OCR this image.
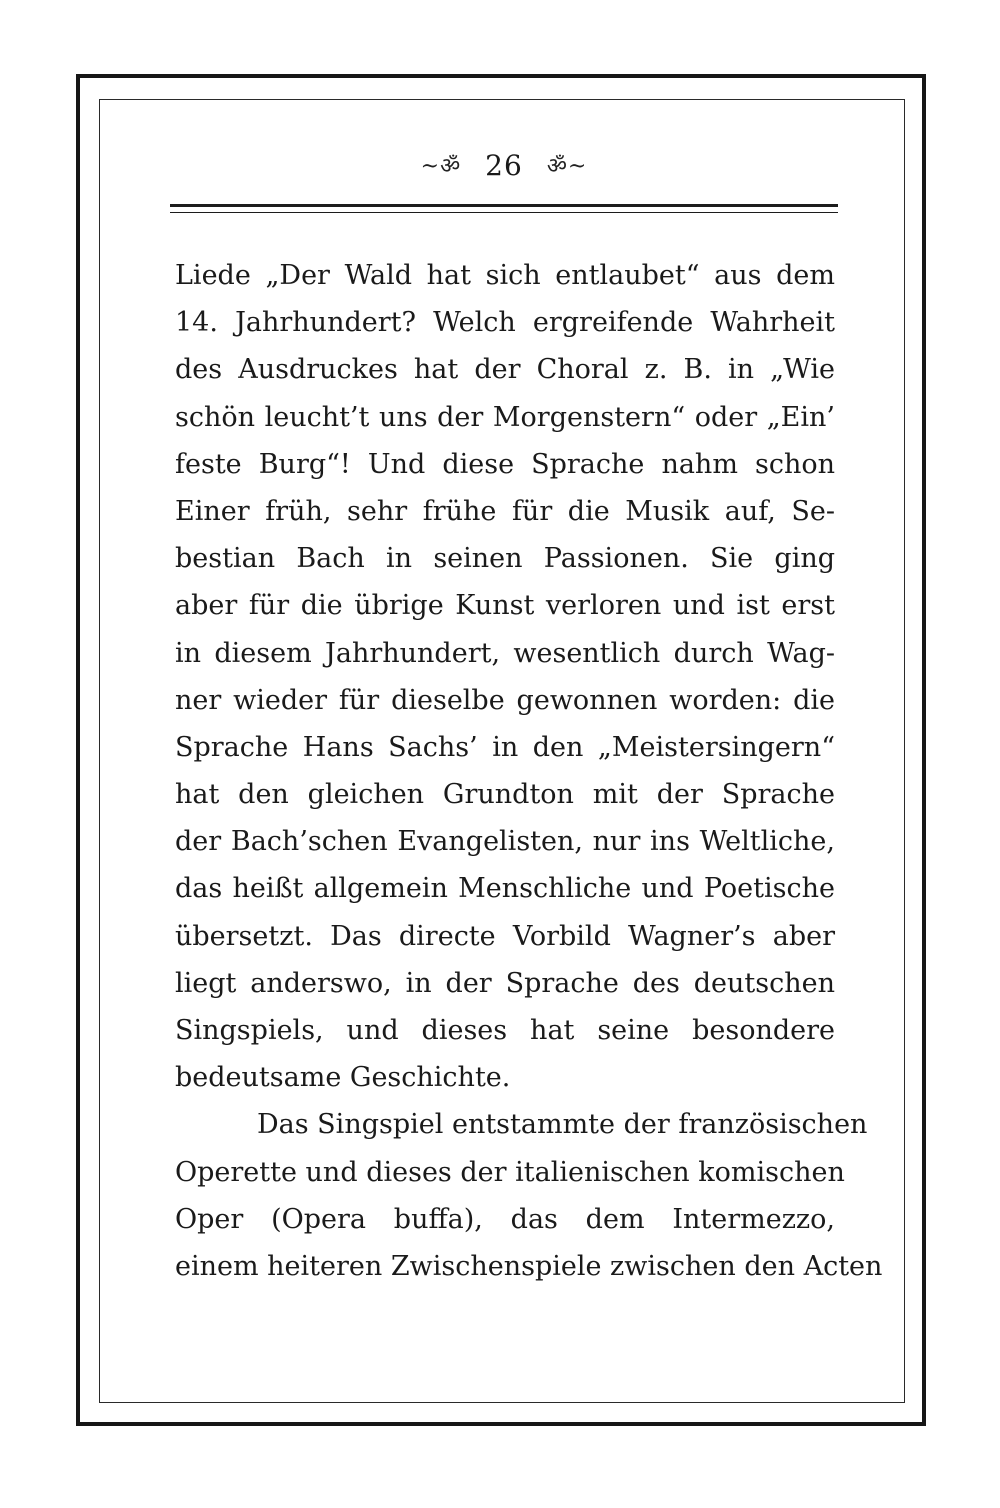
~ॐ 26 ॐ~
Liede „Der Wald hat sich entlaubet“ aus dem
14. Jahrhundert? Welch ergreifende Wahrheit
des Ausdruckes hat der Choral z. B. in „Wie
schön leucht’t uns der Morgenstern“ oder „Ein’
feste Burg“! Und diese Sprache nahm schon
Einer früh, sehr frühe für die Musik auf, Se-
bestian Bach in seinen Passionen. Sie ging
aber für die übrige Kunst verloren und ist erst
in diesem Jahrhundert, wesentlich durch Wag-
ner wieder für dieselbe gewonnen worden: die
Sprache Hans Sachs’ in den „Meistersingern“
hat den gleichen Grundton mit der Sprache
der Bach’schen Evangelisten, nur ins Weltliche,
das heißt allgemein Menschliche und Poetische
übersetzt. Das directe Vorbild Wagner’s aber
liegt anderswo, in der Sprache des deutschen
Singspiels, und dieses hat seine besondere
bedeutsame Geschichte.
Das Singspiel entstammte der französischen
Operette und dieses der italienischen komischen
Oper (Opera buffa), das dem Intermezzo,
einem heiteren Zwischenspiele zwischen den Acten
